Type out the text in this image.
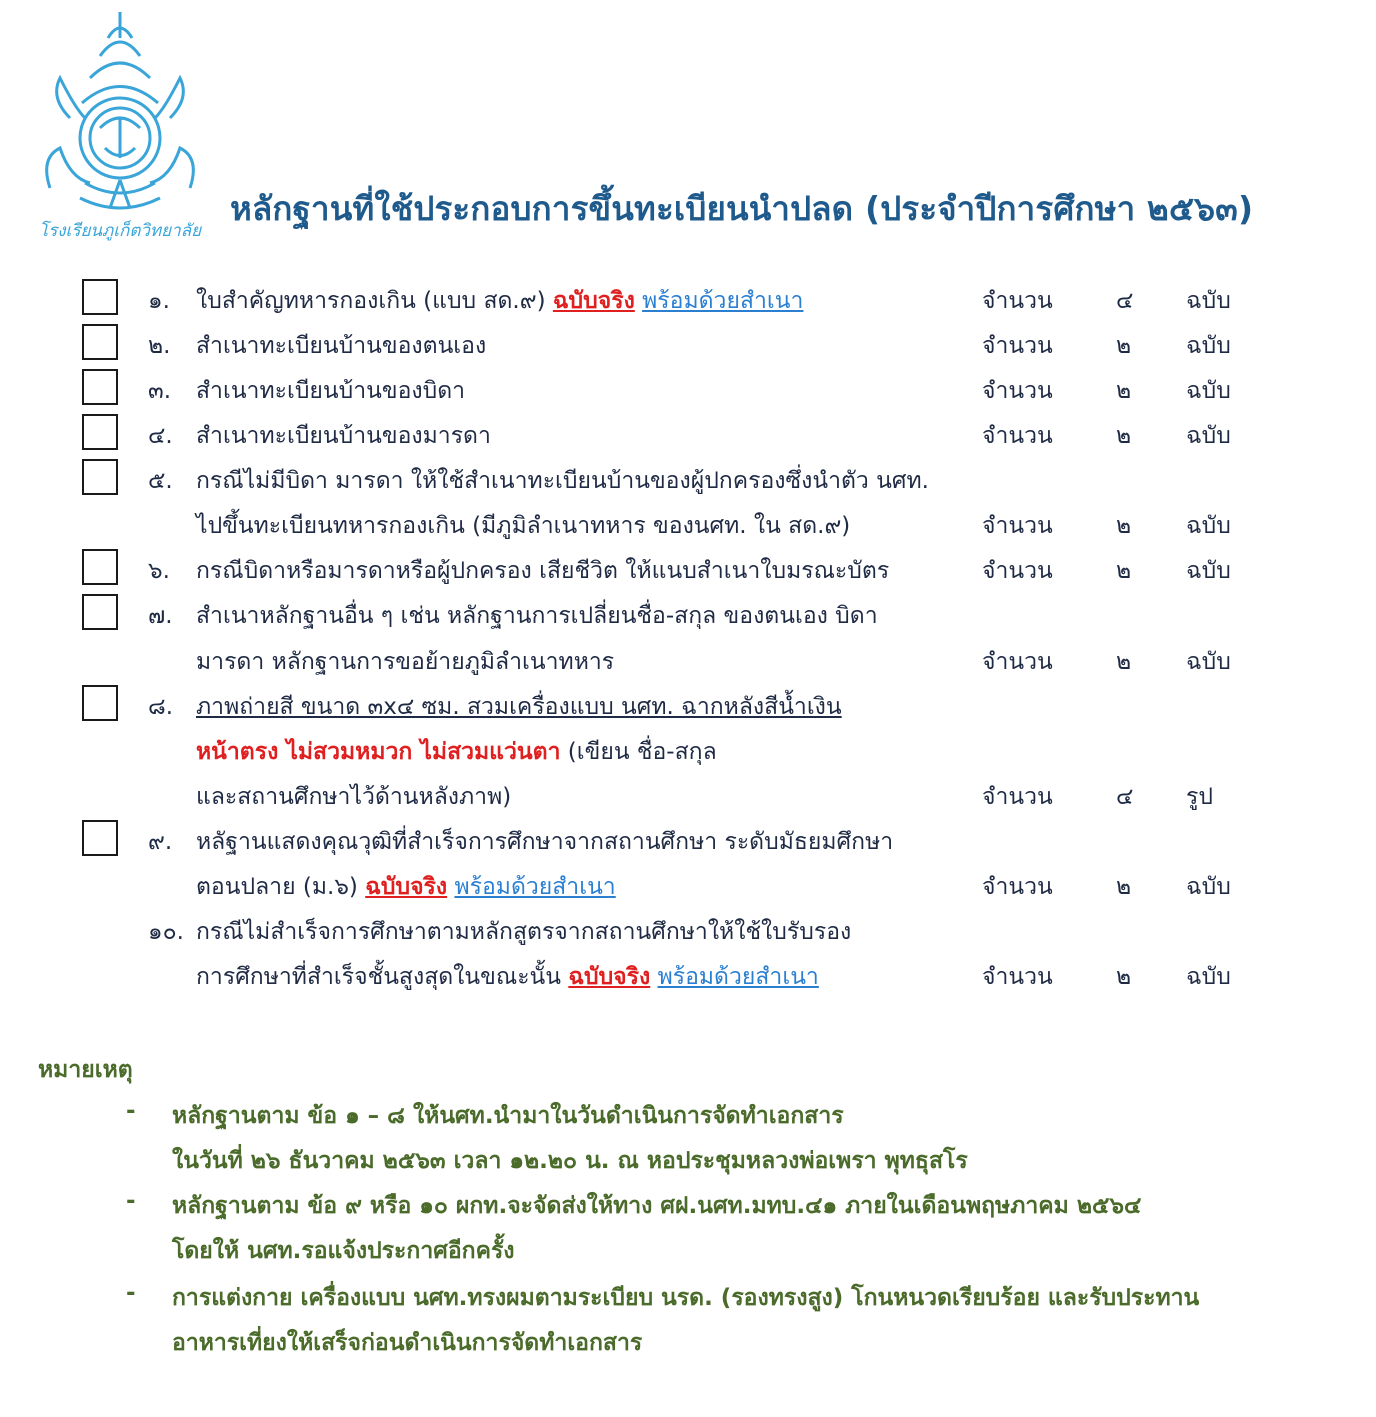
โรงเรียนภูเก็ตวิทยาลัย
หลักฐานที่ใช้ประกอบการขึ้นทะเบียนนำปลด (ประจำปีการศึกษา ๒๕๖๓)
๑. ใบสำคัญทหารกองเกิน (แบบ สด.๙) ฉบับจริง พร้อมด้วยสำเนา	จำนวน	๔ ฉบับ
๒. สำเนาทะเบียนบ้านของตนเอง	จำนวน	๒ ฉบับ
๓. สำเนาทะเบียนบ้านของบิดา	จำนวน	๒ ฉบับ
๔. สำเนาทะเบียนบ้านของมารดา	จำนวน	๒ ฉบับ
๕. กรณีไม่มีบิดา มารดา ให้ใช้สำเนาทะเบียนบ้านของผู้ปกครองซึ่งนำตัว นศท.
ไปขึ้นทะเบียนทหารกองเกิน (มีภูมิลำเนาทหาร ของนศท. ใน สด.๙)	จำนวน	๒ ฉบับ
๖. กรณีบิดาหรือมารดาหรือผู้ปกครอง เสียชีวิต ให้แนบสำเนาใบมรณะบัตร	จำนวน	๒ ฉบับ
๗. สำเนาหลักฐานอื่น ๆ เช่น หลักฐานการเปลี่ยนชื่อ-สกุล ของตนเอง บิดา
มารดา หลักฐานการขอย้ายภูมิลำเนาทหาร	จำนวน	๒ ฉบับ
๘. ภาพถ่ายสี ขนาด ๓x๔ ซม. สวมเครื่องแบบ นศท. ฉากหลังสีน้ำเงิน
หน้าตรง ไม่สวมหมวก ไม่สวมแว่นตา (เขียน ชื่อ-สกุล
และสถานศึกษาไว้ด้านหลังภาพ)	จำนวน	๔ รูป
๙. หลัฐานแสดงคุณวุฒิที่สำเร็จการศึกษาจากสถานศึกษา ระดับมัธยมศึกษา
ตอนปลาย (ม.๖) ฉบับจริง พร้อมด้วยสำเนา	จำนวน	๒ ฉบับ
๑๐. กรณีไม่สำเร็จการศึกษาตามหลักสูตรจากสถานศึกษาให้ใช้ใบรับรอง
การศึกษาที่สำเร็จชั้นสูงสุดในขณะนั้น ฉบับจริง พร้อมด้วยสำเนา	จำนวน	๒ ฉบับ
หมายเหตุ
- หลักฐานตาม ข้อ ๑ – ๘ ให้นศท.นำมาในวันดำเนินการจัดทำเอกสาร
ในวันที่ ๒๖ ธันวาคม ๒๕๖๓ เวลา ๑๒.๒๐ น. ณ หอประชุมหลวงพ่อเพรา พุทธุสโร
- หลักฐานตาม ข้อ ๙ หรือ ๑๐ ผกท.จะจัดส่งให้ทาง ศฝ.นศท.มทบ.๔๑ ภายในเดือนพฤษภาคม ๒๕๖๔
โดยให้ นศท.รอแจ้งประกาศอีกครั้ง
- การแต่งกาย เครื่องแบบ นศท.ทรงผมตามระเบียบ นรด. (รองทรงสูง) โกนหนวดเรียบร้อย และรับประทาน
อาหารเที่ยงให้เสร็จก่อนดำเนินการจัดทำเอกสาร
